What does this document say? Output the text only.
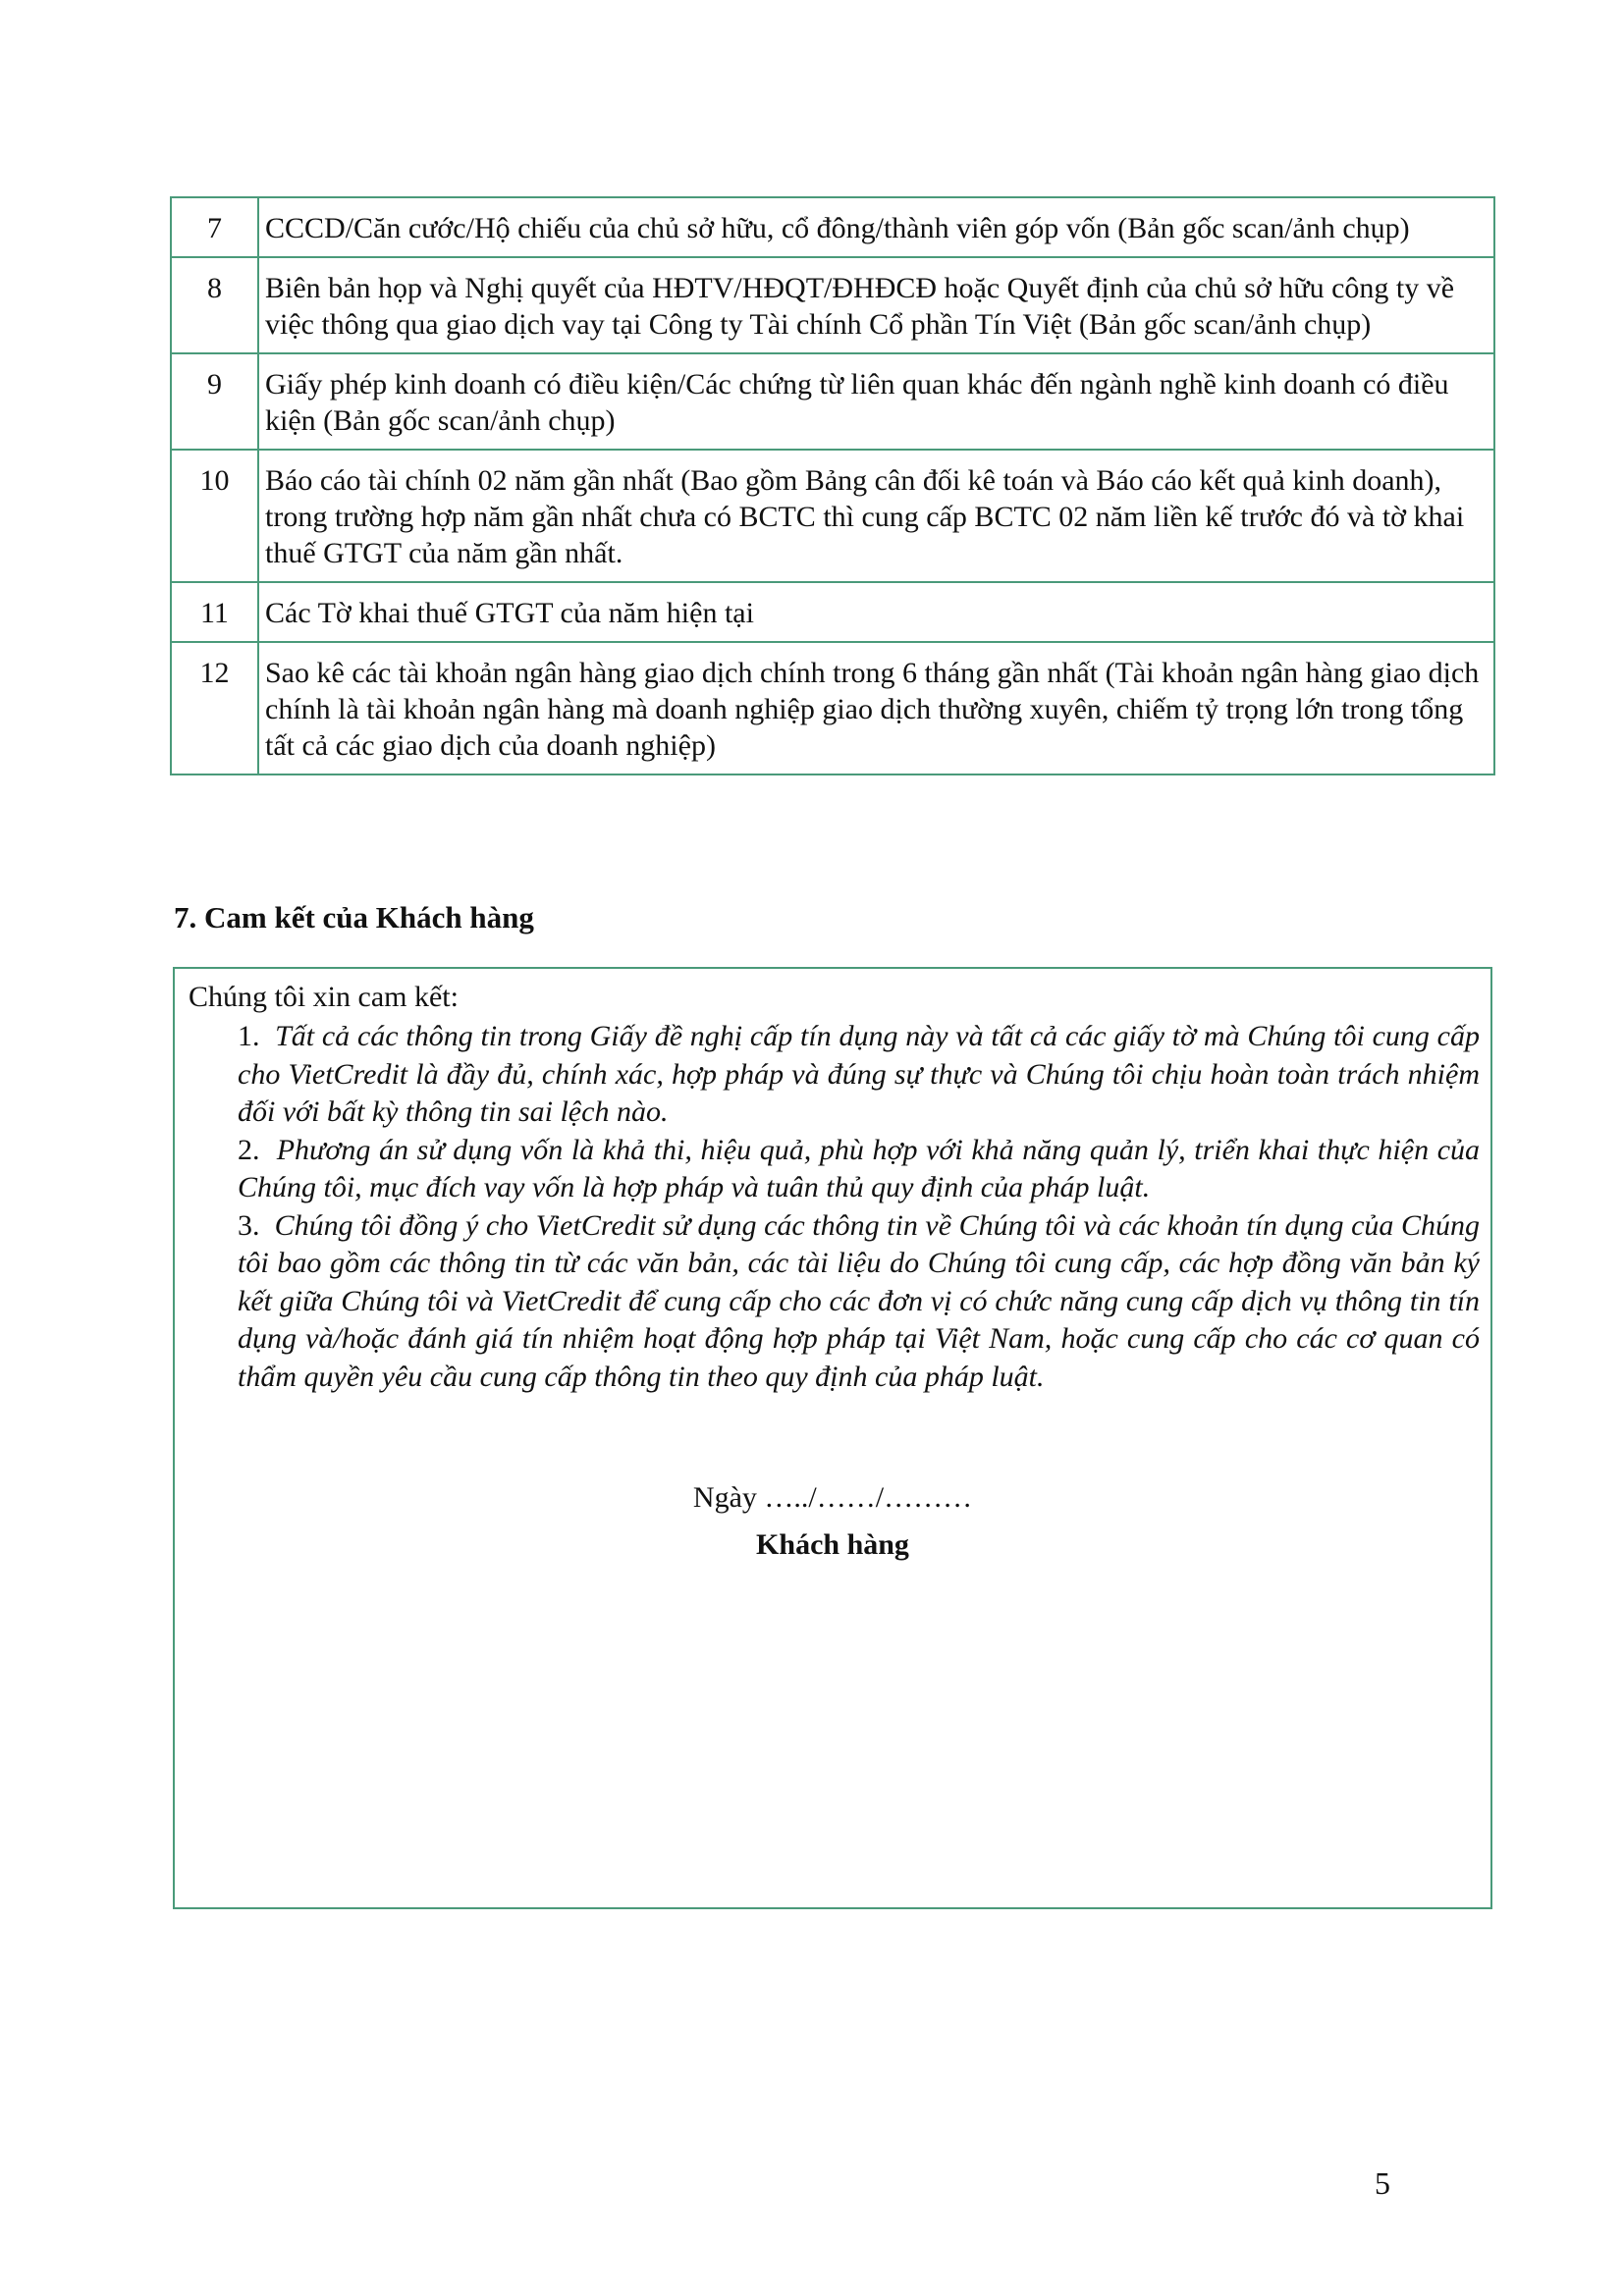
7	CCCD/Căn cước/Hộ chiếu của chủ sở hữu, cổ đông/thành viên góp vốn (Bản gốc scan/ảnh chụp)
8	Biên bản họp và Nghị quyết của HĐTV/HĐQT/ĐHĐCĐ hoặc Quyết định của chủ sở hữu công ty về việc thông qua giao dịch vay tại Công ty Tài chính Cổ phần Tín Việt (Bản gốc scan/ảnh chụp)
9	Giấy phép kinh doanh có điều kiện/Các chứng từ liên quan khác đến ngành nghề kinh doanh có điều kiện (Bản gốc scan/ảnh chụp)
10	Báo cáo tài chính 02 năm gần nhất (Bao gồm Bảng cân đối kê toán và Báo cáo kết quả kinh doanh), trong trường hợp năm gần nhất chưa có BCTC thì cung cấp BCTC 02 năm liền kế trước đó và tờ khai thuế GTGT của năm gần nhất.
11	Các Tờ khai thuế GTGT của năm hiện tại
12	Sao kê các tài khoản ngân hàng giao dịch chính trong 6 tháng gần nhất (Tài khoản ngân hàng giao dịch chính là tài khoản ngân hàng mà doanh nghiệp giao dịch thường xuyên, chiếm tỷ trọng lớn trong tổng tất cả các giao dịch của doanh nghiệp)
7. Cam kết của Khách hàng
Chúng tôi xin cam kết:

1. Tất cả các thông tin trong Giấy đề nghị cấp tín dụng này và tất cả các giấy tờ mà Chúng tôi cung cấp cho VietCredit là đầy đủ, chính xác, hợp pháp và đúng sự thực và Chúng tôi chịu hoàn toàn trách nhiệm đối với bất kỳ thông tin sai lệch nào.

2. Phương án sử dụng vốn là khả thi, hiệu quả, phù hợp với khả năng quản lý, triển khai thực hiện của Chúng tôi, mục đích vay vốn là hợp pháp và tuân thủ quy định của pháp luật.

3. Chúng tôi đồng ý cho VietCredit sử dụng các thông tin về Chúng tôi và các khoản tín dụng của Chúng tôi bao gồm các thông tin từ các văn bản, các tài liệu do Chúng tôi cung cấp, các hợp đồng văn bản ký kết giữa Chúng tôi và VietCredit để cung cấp cho các đơn vị có chức năng cung cấp dịch vụ thông tin tín dụng và/hoặc đánh giá tín nhiệm hoạt động hợp pháp tại Việt Nam, hoặc cung cấp cho các cơ quan có thẩm quyền yêu cầu cung cấp thông tin theo quy định của pháp luật.

Ngày …../……/………
Khách hàng
5
